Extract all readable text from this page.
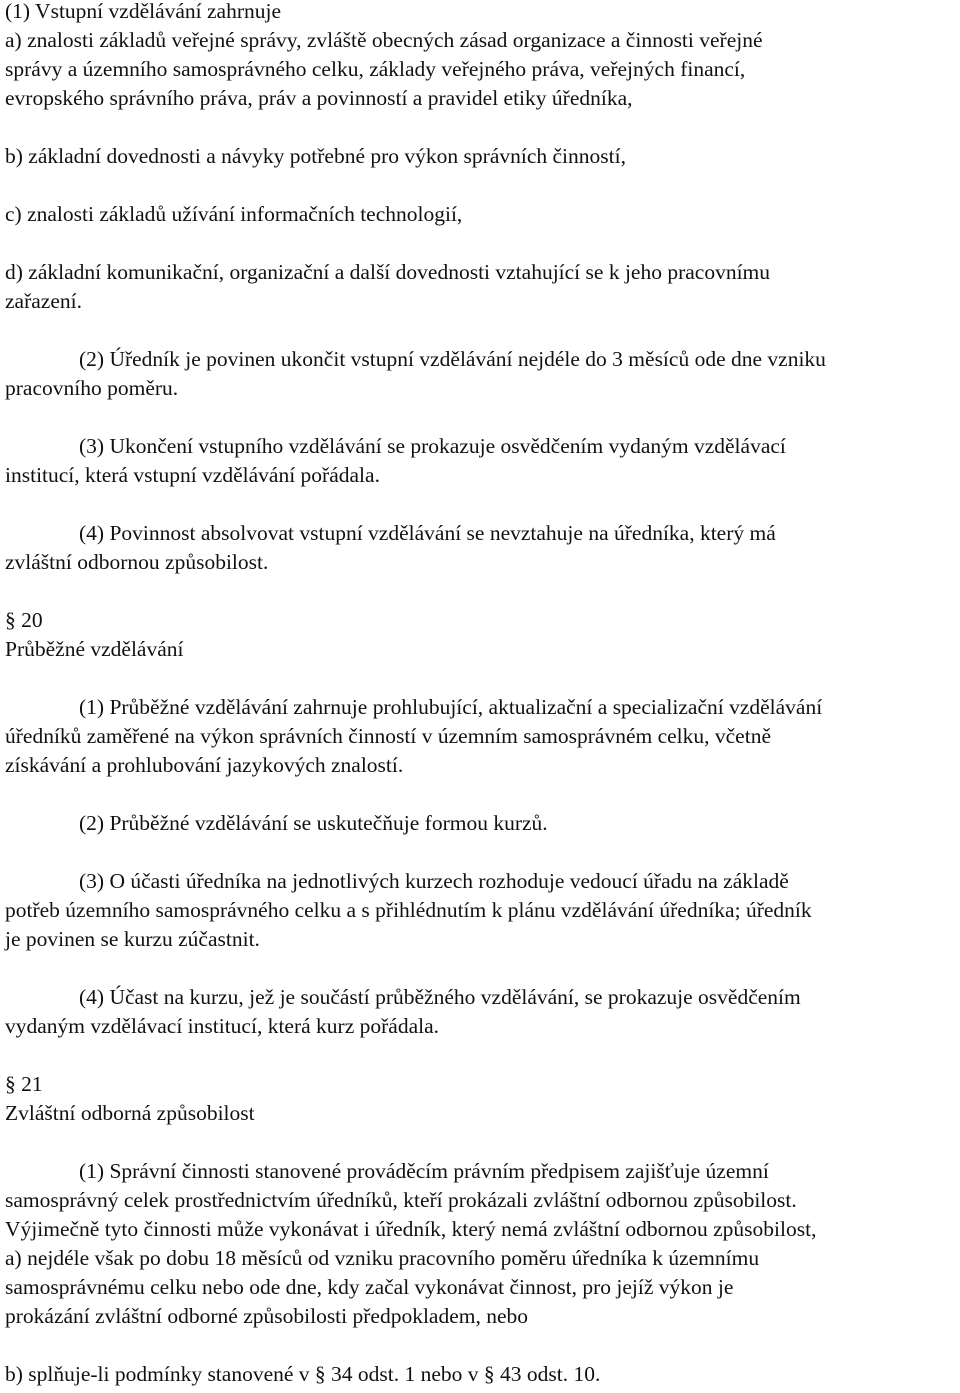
(1) Vstupní vzdělávání zahrnuje
a) znalosti základů veřejné správy, zvláště obecných zásad organizace a činnosti veřejné
správy a územního samosprávného celku, základy veřejného práva, veřejných financí,
evropského správního práva, práv a povinností a pravidel etiky úředníka,
b) základní dovednosti a návyky potřebné pro výkon správních činností,
c) znalosti základů užívání informačních technologií,
d) základní komunikační, organizační a další dovednosti vztahující se k jeho pracovnímu
zařazení.
(2) Úředník je povinen ukončit vstupní vzdělávání nejdéle do 3 měsíců ode dne vzniku
pracovního poměru.
(3) Ukončení vstupního vzdělávání se prokazuje osvědčením vydaným vzdělávací
institucí, která vstupní vzdělávání pořádala.
(4) Povinnost absolvovat vstupní vzdělávání se nevztahuje na úředníka, který má
zvláštní odbornou způsobilost.
§ 20
Průběžné vzdělávání
(1) Průběžné vzdělávání zahrnuje prohlubující, aktualizační a specializační vzdělávání
úředníků zaměřené na výkon správních činností v územním samosprávném celku, včetně
získávání a prohlubování jazykových znalostí.
(2) Průběžné vzdělávání se uskutečňuje formou kurzů.
(3) O účasti úředníka na jednotlivých kurzech rozhoduje vedoucí úřadu na základě
potřeb územního samosprávného celku a s přihlédnutím k plánu vzdělávání úředníka; úředník
je povinen se kurzu zúčastnit.
(4) Účast na kurzu, jež je součástí průběžného vzdělávání, se prokazuje osvědčením
vydaným vzdělávací institucí, která kurz pořádala.
§ 21
Zvláštní odborná způsobilost
(1) Správní činnosti stanovené prováděcím právním předpisem zajišťuje územní
samosprávný celek prostřednictvím úředníků, kteří prokázali zvláštní odbornou způsobilost.
Výjimečně tyto činnosti může vykonávat i úředník, který nemá zvláštní odbornou způsobilost,
a) nejdéle však po dobu 18 měsíců od vzniku pracovního poměru úředníka k územnímu
samosprávnému celku nebo ode dne, kdy začal vykonávat činnost, pro jejíž výkon je
prokázání zvláštní odborné způsobilosti předpokladem, nebo
b) splňuje-li podmínky stanovené v § 34 odst. 1 nebo v § 43 odst. 10.
